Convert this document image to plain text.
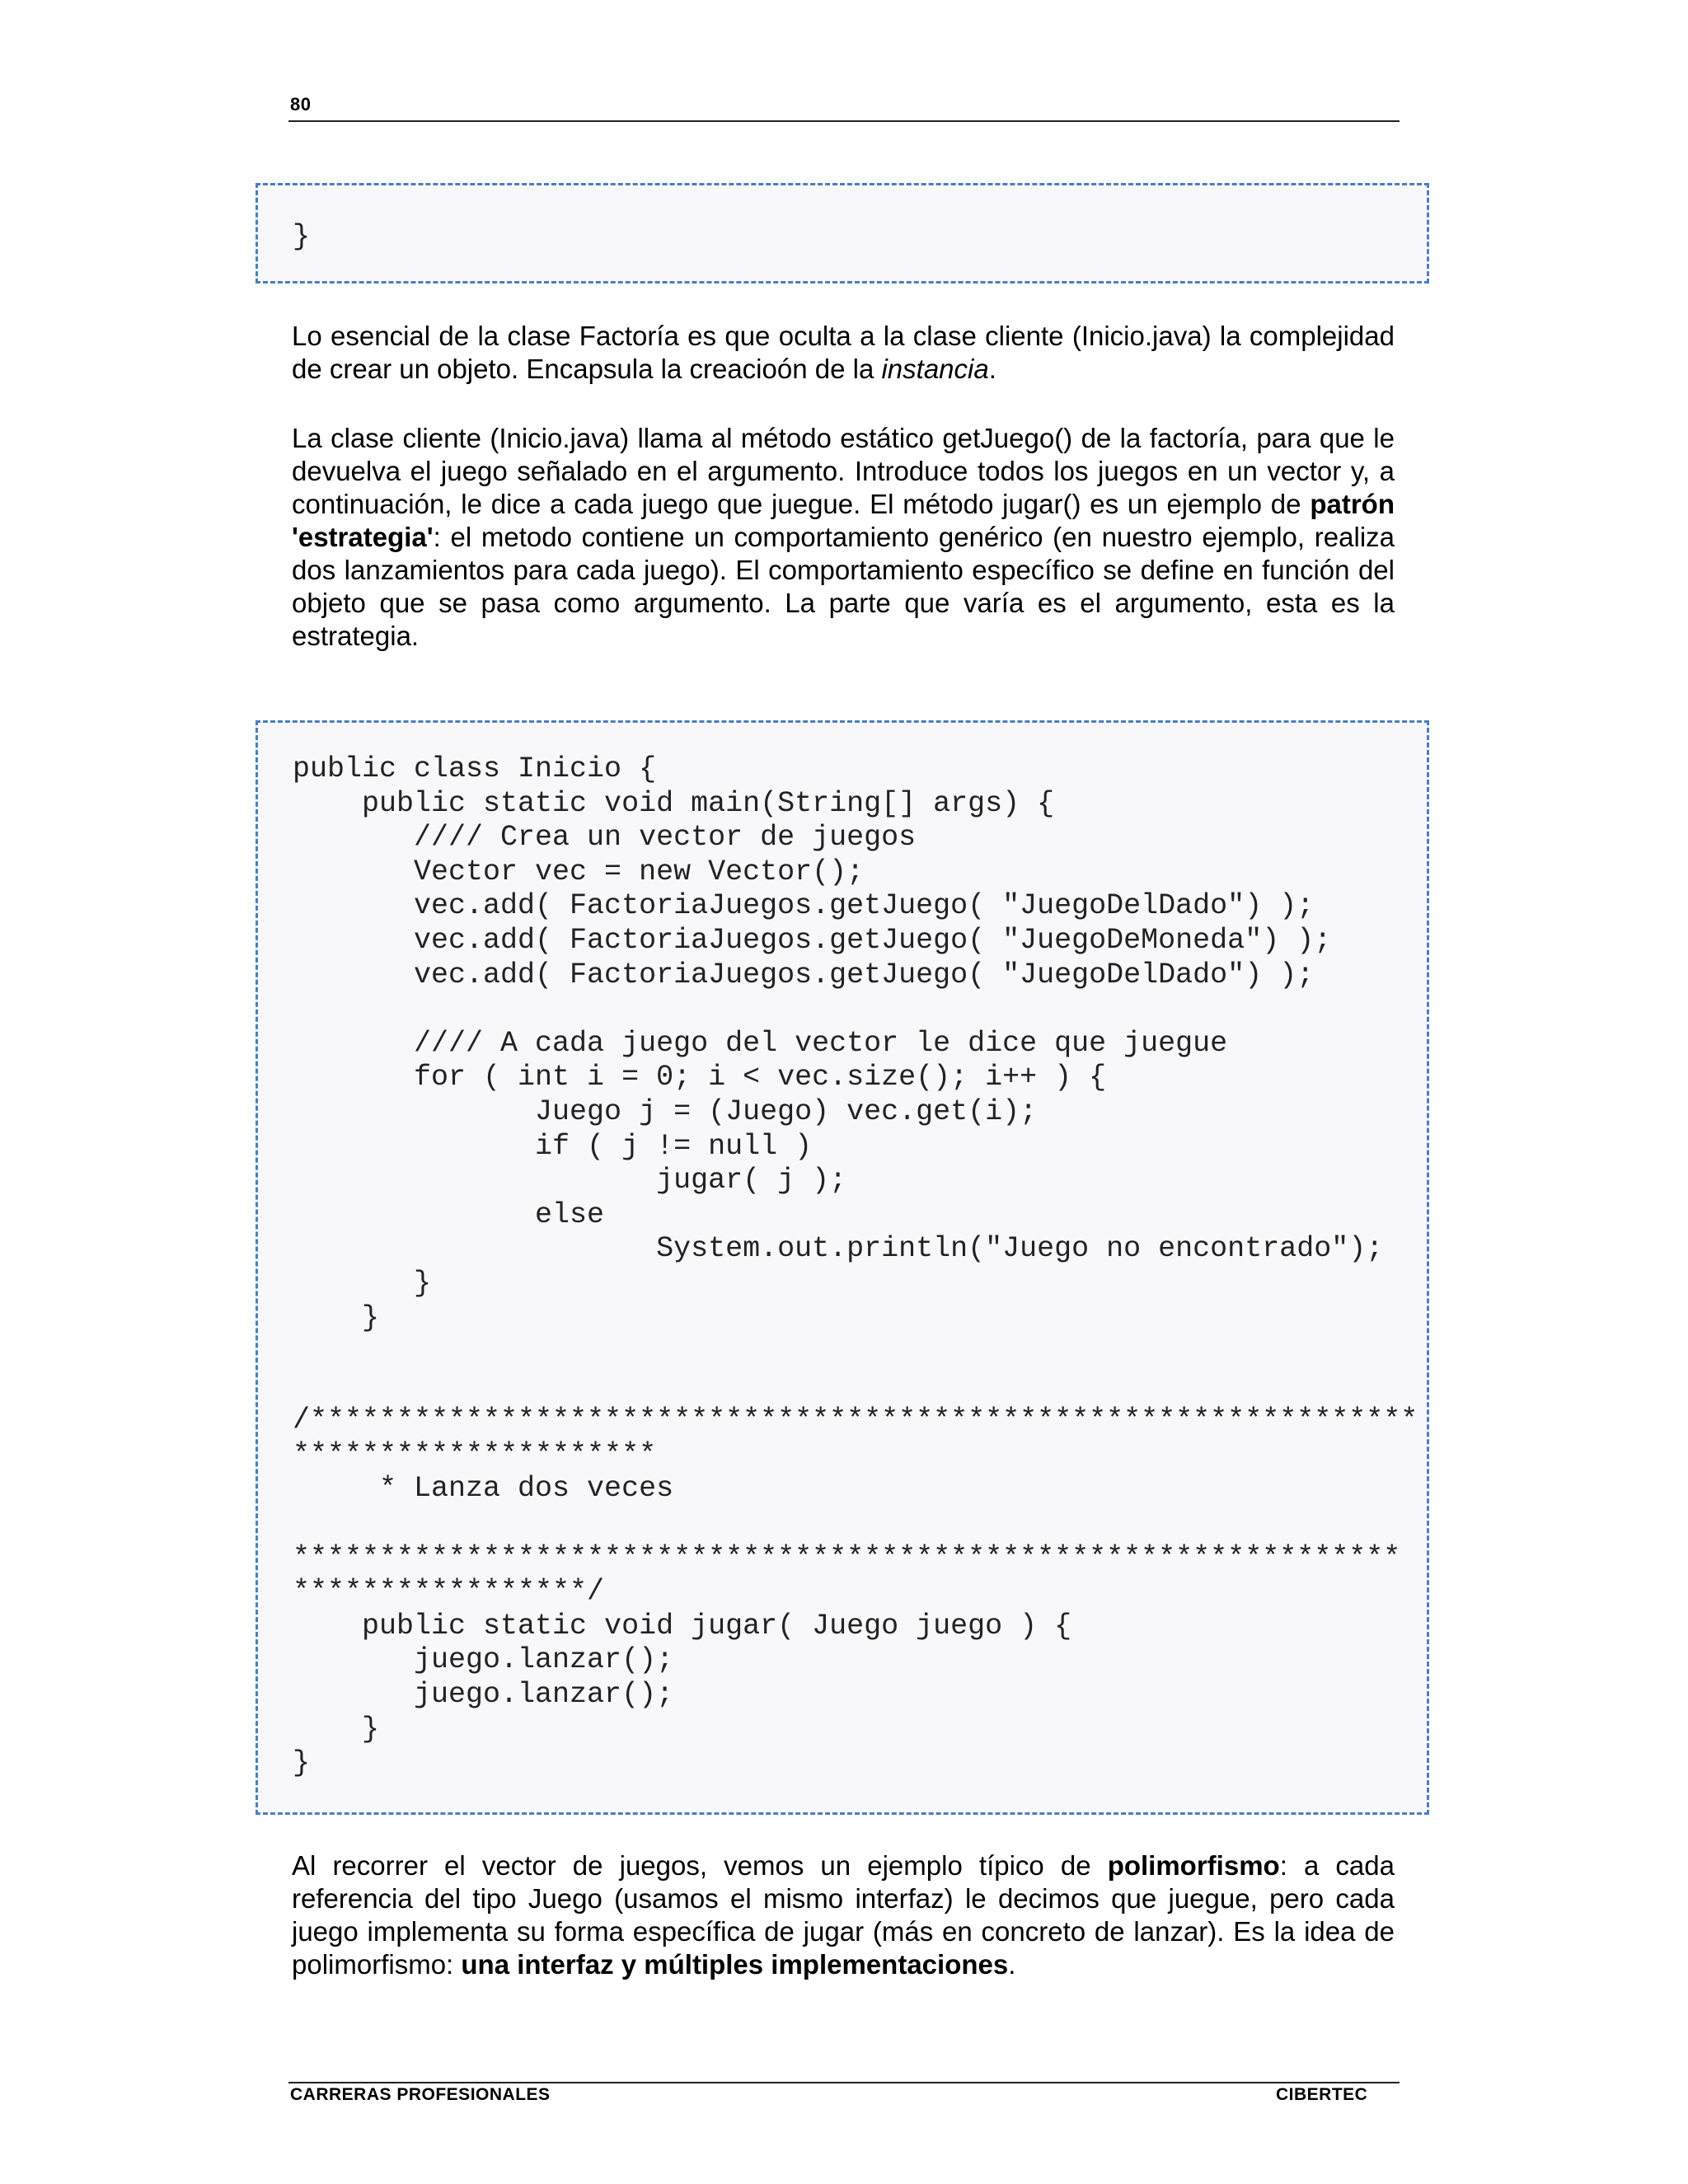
80
}

Lo esencial de la clase Factoría es que oculta a la clase cliente (Inicio.java) la complejidad de crear un objeto. Encapsula la creacioón de la instancia.

La clase cliente (Inicio.java) llama al método estático getJuego() de la factoría, para que le devuelva el juego señalado en el argumento. Introduce todos los juegos en un vector y, a continuación, le dice a cada juego que juegue. El método jugar() es un ejemplo de patrón 'estrategia': el metodo contiene un comportamiento genérico (en nuestro ejemplo, realiza dos lanzamientos para cada juego). El comportamiento específico se define en función del objeto que se pasa como argumento. La parte que varía es el argumento, esta es la estrategia.

public class Inicio {
public static void main(String[] args) {
//// Crea un vector de juegos
Vector vec = new Vector();
vec.add( FactoriaJuegos.getJuego( "JuegoDelDado") );
vec.add( FactoriaJuegos.getJuego( "JuegoDeMoneda") );
vec.add( FactoriaJuegos.getJuego( "JuegoDelDado") );

//// A cada juego del vector le dice que juegue
for ( int i = 0; i < vec.size(); i++ ) {
Juego j = (Juego) vec.get(i);
if ( j != null )
jugar( j );
else
System.out.println("Juego no encontrado");
}
}

/****************************************************************
*********************
* Lanza dos veces

****************************************************************
*****************/
public static void jugar( Juego juego ) {
juego.lanzar();
juego.lanzar();
}
}

Al recorrer el vector de juegos, vemos un ejemplo típico de polimorfismo: a cada referencia del tipo Juego (usamos el mismo interfaz) le decimos que juegue, pero cada juego implementa su forma específica de jugar (más en concreto de lanzar). Es la idea de polimorfismo: una interfaz y múltiples implementaciones.

CARRERAS PROFESIONALES	CIBERTEC
